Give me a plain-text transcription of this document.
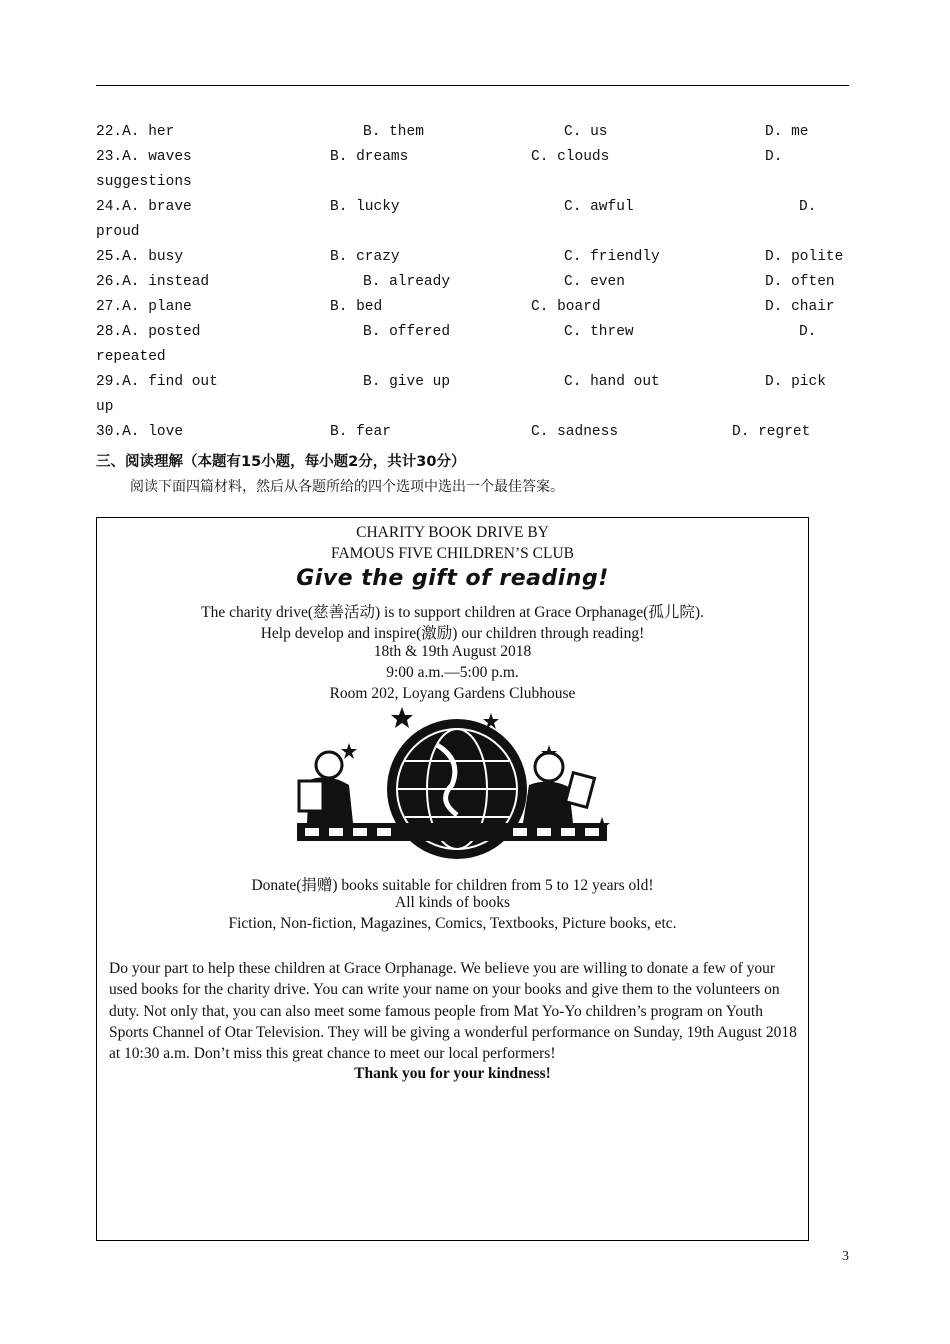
22.A. her	B. them	C. us	D. me
23.A. waves	B. dreams	C. clouds	D.
suggestions
24.A. brave	B. lucky	C. awful	D.
proud
25.A. busy	B. crazy	C. friendly	D. polite
26.A. instead	B. already	C. even	D. often
27.A. plane	B. bed	C. board	D. chair
28.A. posted	B. offered	C. threw	D.
repeated
29.A. find out	B. give up	C. hand out	D. pick
up
30.A. love	B. fear	C. sadness	D. regret
三、阅读理解（本题有15小题，每小题2分，共计30分）
阅读下面四篇材料，然后从各题所给的四个选项中选出一个最佳答案。
CHARITY BOOK DRIVE BY
FAMOUS FIVE CHILDREN’S CLUB
Give the gift of reading!
The charity drive(慈善活动) is to support children at Grace Orphanage(孤儿院).
Help develop and inspire(激励) our children through reading!
18th & 19th August 2018
9:00 a.m.—5:00 p.m.
Room 202, Loyang Gardens Clubhouse
Donate(捐赠) books suitable for children from 5 to 12 years old!
All kinds of books
Fiction, Non-fiction, Magazines, Comics, Textbooks, Picture books, etc.
Do your part to help these children at Grace Orphanage. We believe you are willing to donate a few of your used books for the charity drive. You can write your name on your books and give them to the volunteers on duty. Not only that, you can also meet some famous people from Mat Yo-Yo children’s program on Youth Sports Channel of Otar Television. They will be giving a wonderful performance on Sunday, 19th August 2018 at 10:30 a.m. Don’t miss this great chance to meet our local performers!
Thank you for your kindness!
3
